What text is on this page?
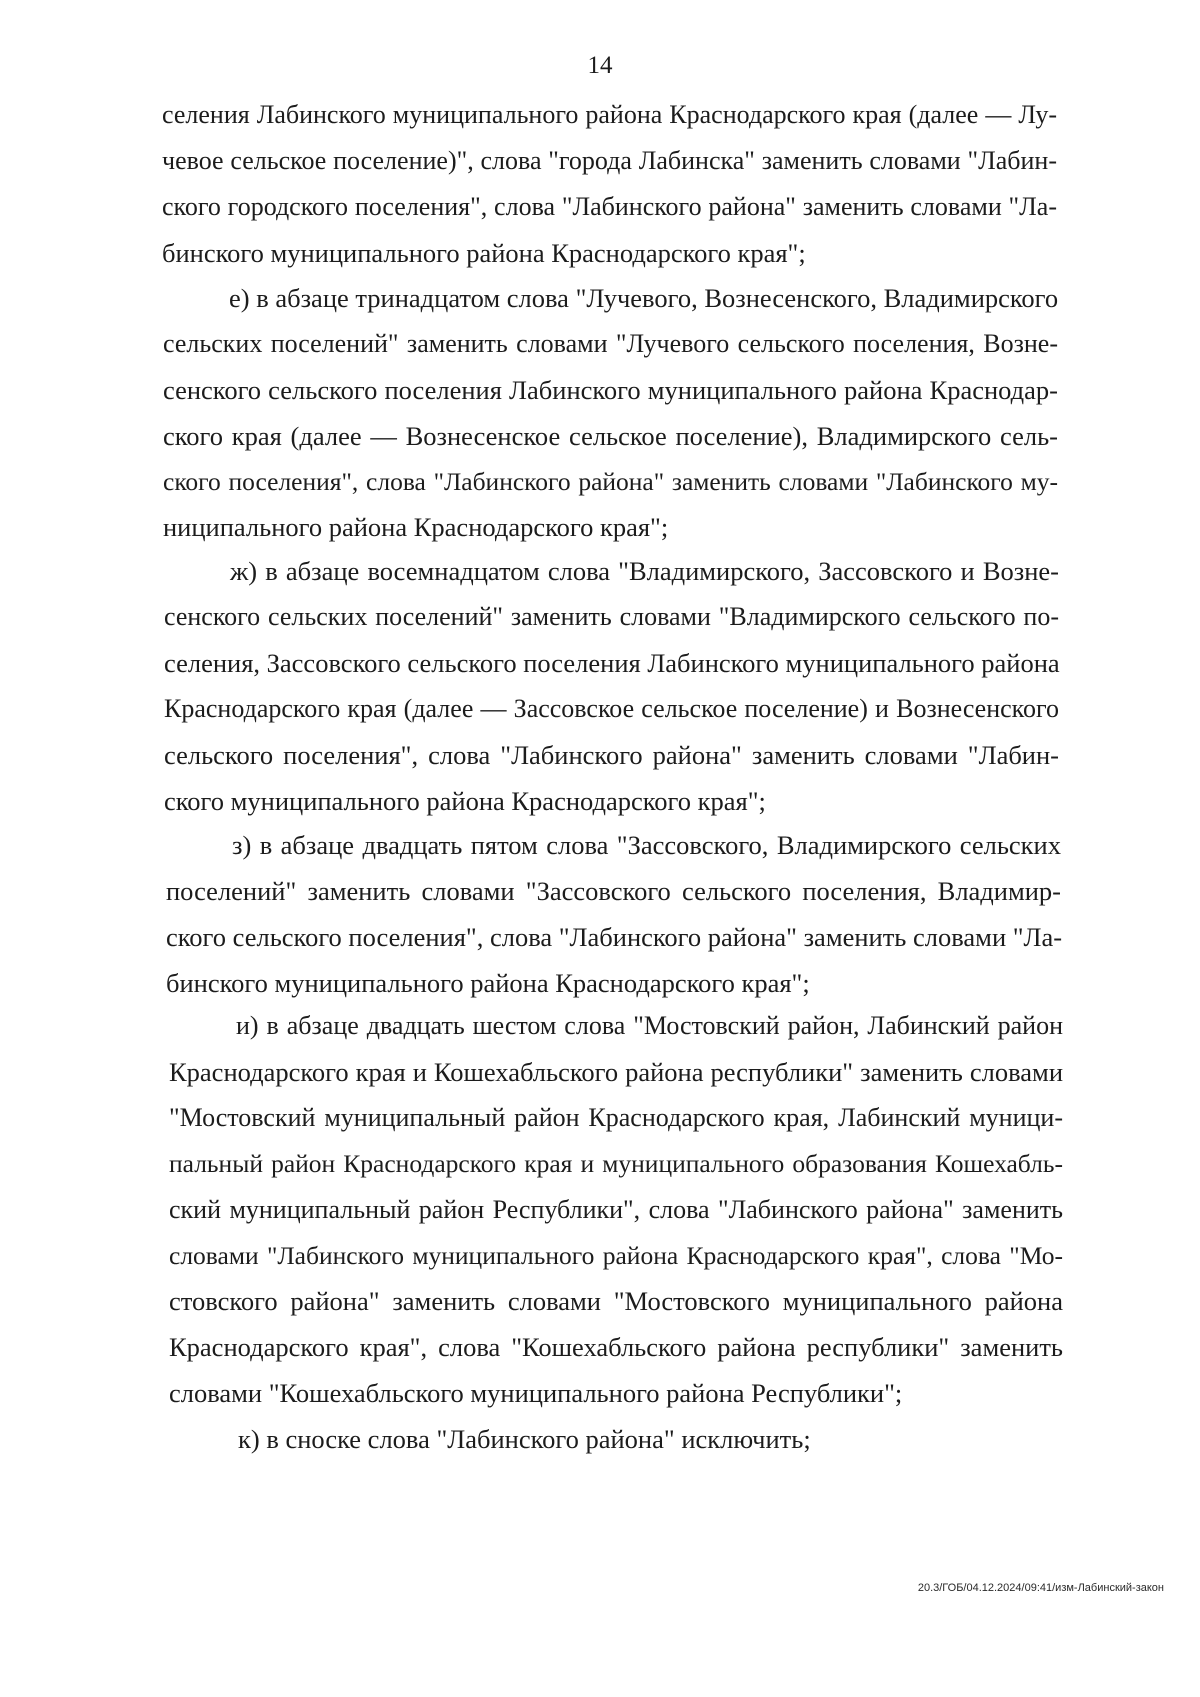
14
селения Лабинского муниципального района Краснодарского края (далее — Лу-
чевое сельское поселение)", слова "города Лабинска" заменить словами "Лабин-
ского городского поселения", слова "Лабинского района" заменить словами "Ла-
бинского муниципального района Краснодарского края";
е) в абзаце тринадцатом слова "Лучевого, Вознесенского, Владимирского
сельских поселений" заменить словами "Лучевого сельского поселения, Возне-
сенского сельского поселения Лабинского муниципального района Краснодар-
ского края (далее — Вознесенское сельское поселение), Владимирского сель-
ского поселения", слова "Лабинского района" заменить словами "Лабинского му-
ниципального района Краснодарского края";
ж) в абзаце восемнадцатом слова "Владимирского, Зассовского и Возне-
сенского сельских поселений" заменить словами "Владимирского сельского по-
селения, Зассовского сельского поселения Лабинского муниципального района
Краснодарского края (далее — Зассовское сельское поселение) и Вознесенского
сельского поселения", слова "Лабинского района" заменить словами "Лабин-
ского муниципального района Краснодарского края";
з) в абзаце двадцать пятом слова "Зассовского, Владимирского сельских
поселений" заменить словами "Зассовского сельского поселения, Владимир-
ского сельского поселения", слова "Лабинского района" заменить словами "Ла-
бинского муниципального района Краснодарского края";
и) в абзаце двадцать шестом слова "Мостовский район, Лабинский район
Краснодарского края и Кошехабльского района республики" заменить словами
"Мостовский муниципальный район Краснодарского края, Лабинский муници-
пальный район Краснодарского края и муниципального образования Кошехабль-
ский муниципальный район Республики", слова "Лабинского района" заменить
словами "Лабинского муниципального района Краснодарского края", слова "Мо-
стовского района" заменить словами "Мостовского муниципального района
Краснодарского края", слова "Кошехабльского района республики" заменить
словами "Кошехабльского муниципального района Республики";
к) в сноске слова "Лабинского района" исключить;
20.3/ГОБ/04.12.2024/09:41/изм-Лабинский-закон
